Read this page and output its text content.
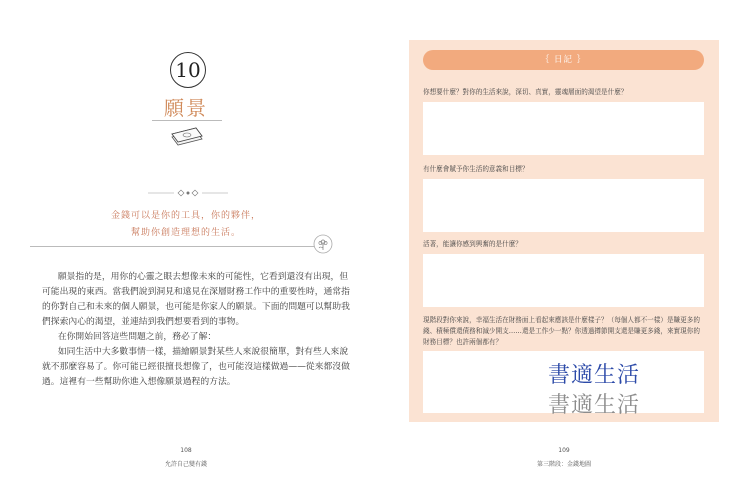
10
願景
金錢可以是你的工具，你的夥伴，
幫助你創造理想的生活。

願景指的是，用你的心靈之眼去想像未來的可能性，它看到還沒有出現，但可能出現的東西。當我們說到洞見和遠見在深層財務工作中的重要性時，通常指的你對自己和未來的個人願景，也可能是你家人的願景。下面的問題可以幫助我們探索內心的渴望，並連結到我們想要看到的事物。

在你開始回答這些問題之前，務必了解：

如同生活中大多數事情一樣，描繪願景對某些人來說很簡單，對有些人來說就不那麼容易了。你可能已經很擅長想像了，也可能沒這樣做過——從來都沒做過。這裡有一些幫助你進入想像願景過程的方法。

108
允許自己變有錢
｛ 日記 ｝
你想要什麼？對你的生活來說，深切、真實，靈魂層面的渴望是什麼？
有什麼會賦予你生活的意義和目標？
活著，能讓你感到興奮的是什麼？
現階段對你來說，幸福生活在財務面上看起來應該是什麼樣子？（每個人都不一樣）是賺更多的錢、積極償還債務和減少開支……還是工作少一點？你透過撙節開支還是賺更多錢，來實現你的財務目標？也許兩個都有？
書適生活
書適生活
109
第三階段：金錢地圖
